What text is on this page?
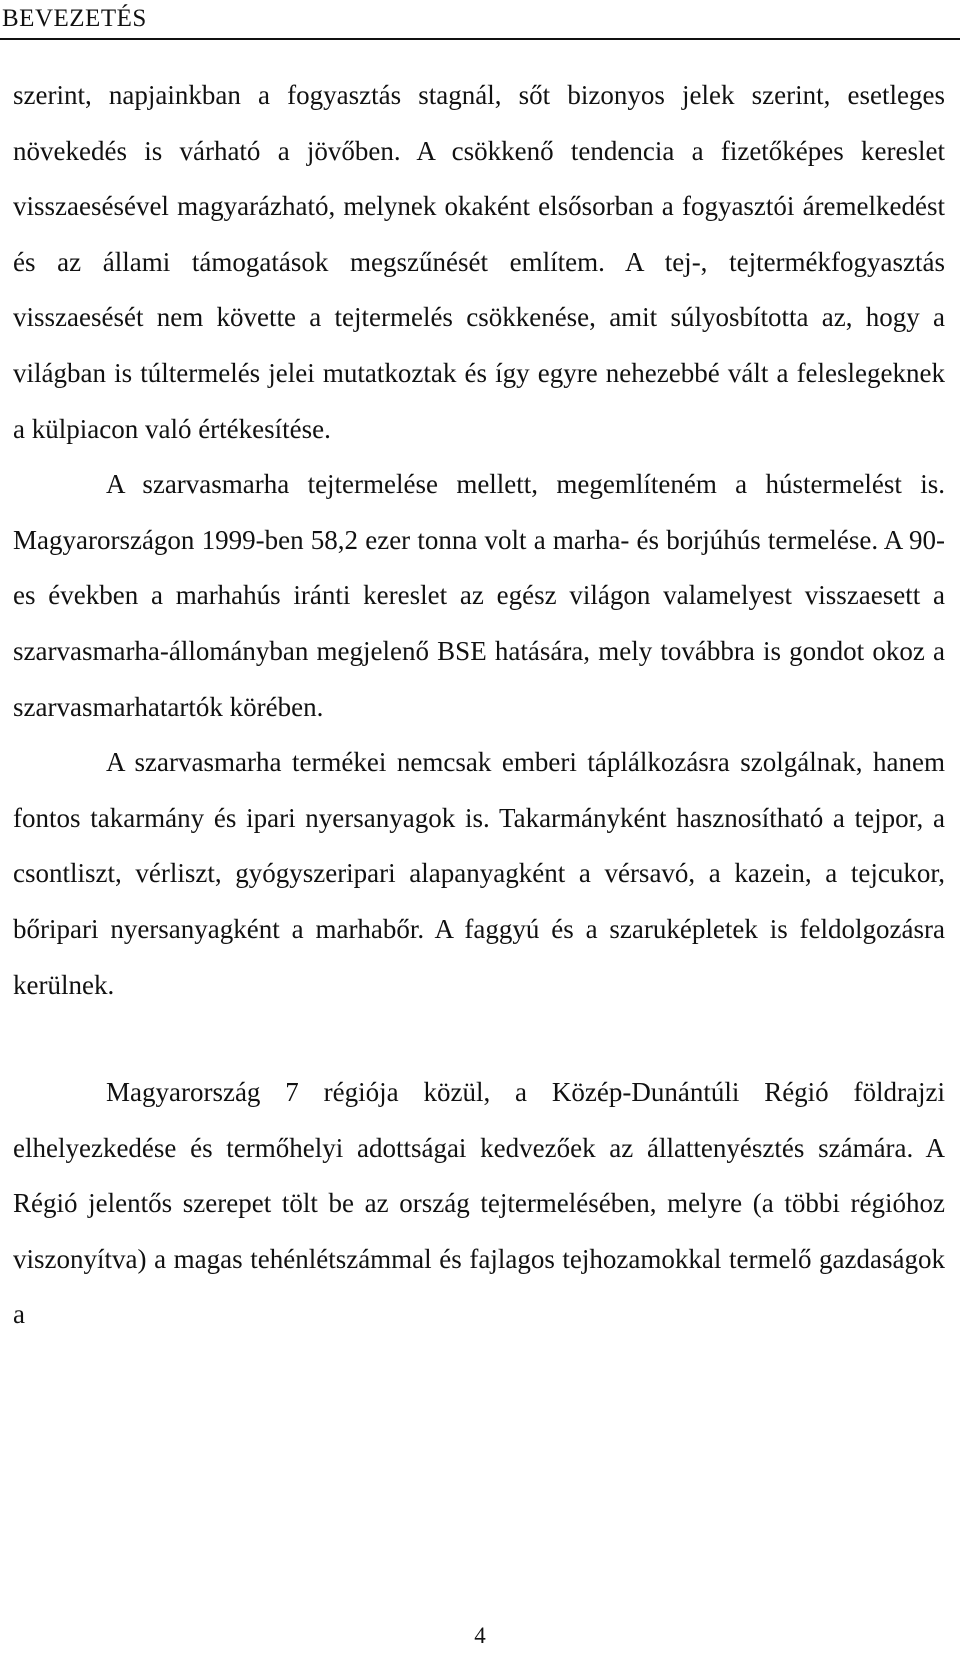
BEVEZETÉS

szerint, napjainkban a fogyasztás stagnál, sőt bizonyos jelek szerint, esetleges növekedés is várható a jövőben. A csökkenő tendencia a fizetőképes kereslet visszaesésével magyarázható, melynek okaként elsősorban a fogyasztói áremelkedést és az állami támogatások megszűnését említem. A tej-, tejtermékfogyasztás visszaesését nem követte a tejtermelés csökkenése, amit súlyosbította az, hogy a világban is túltermelés jelei mutatkoztak és így egyre nehezebbé vált a feleslegeknek a külpiacon való értékesítése.

A szarvasmarha tejtermelése mellett, megemlíteném a hústermelést is. Magyarországon 1999-ben 58,2 ezer tonna volt a marha- és borjúhús termelése. A 90-es években a marhahús iránti kereslet az egész világon valamelyest visszaesett a szarvasmarha-állományban megjelenő BSE hatására, mely továbbra is gondot okoz a szarvasmarhatartók körében.

A szarvasmarha termékei nemcsak emberi táplálkozásra szolgálnak, hanem fontos takarmány és ipari nyersanyagok is. Takarmányként hasznosítható a tejpor, a csontliszt, vérliszt, gyógyszeripari alapanyagként a vérsavó, a kazein, a tejcukor, bőripari nyersanyagként a marhabőr. A faggyú és a szaruképletek is feldolgozásra kerülnek.

Magyarország 7 régiója közül, a Közép-Dunántúli Régió földrajzi elhelyezkedése és termőhelyi adottságai kedvezőek az állattenyésztés számára. A Régió jelentős szerepet tölt be az ország tejtermelésében, melyre (a többi régióhoz viszonyítva) a magas tehénlétszámmal és fajlagos tejhozamokkal termelő gazdaságok a

4
